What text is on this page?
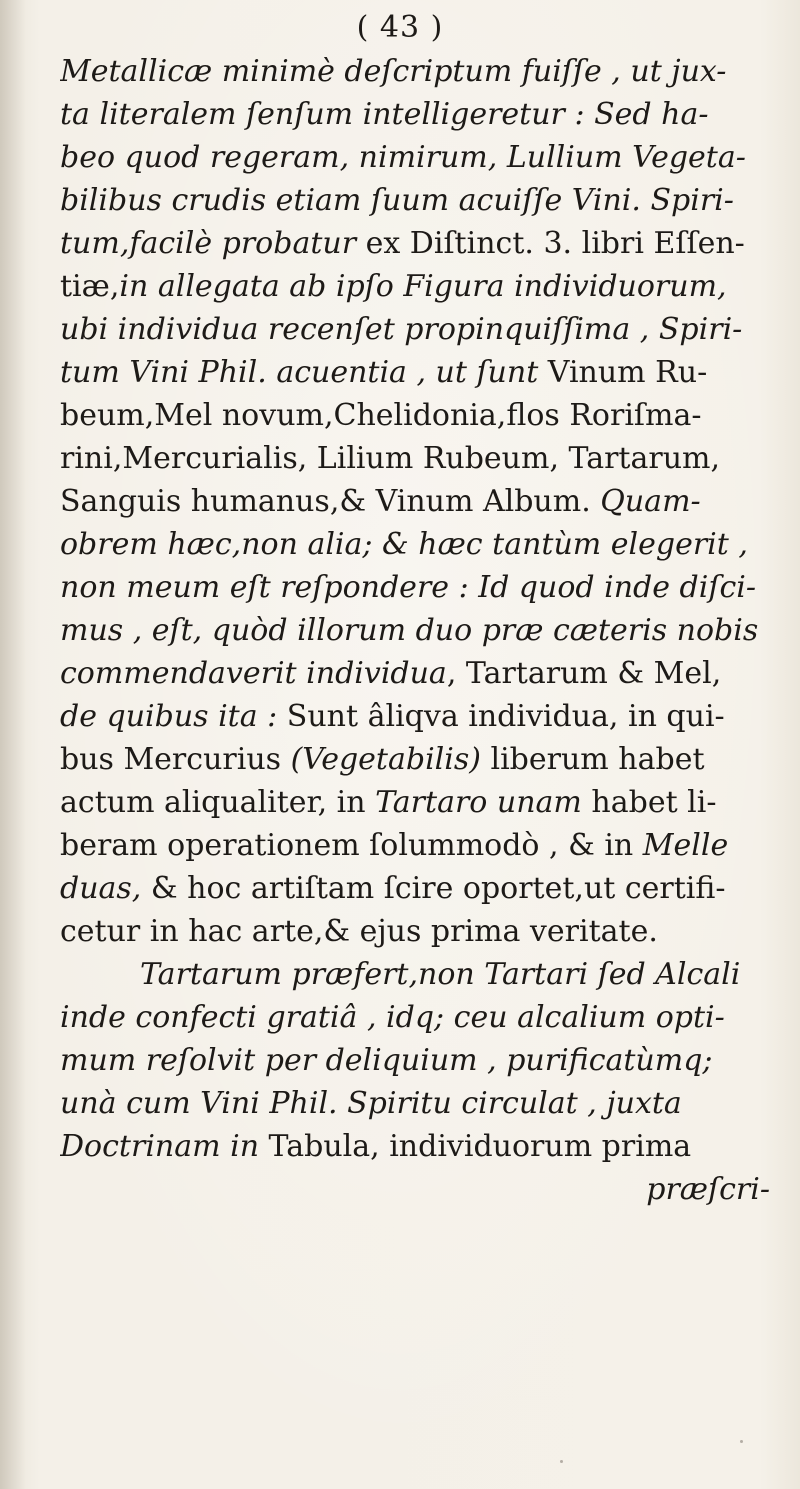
( 43 )
Metallicæ minimè deſcriptum fuiſſe , ut jux-
ta literalem ſenſum intelligeretur : Sed ha-
beo quod regeram, nimirum, Lullium Vegeta-
bilibus crudis etiam ſuum acuiſſe Vini. Spiri-
tum,facilè probatur ex Diſtinct. 3. libri Eſſen-
tiæ,in allegata ab ipſo Figura individuorum,
ubi individua recenſet propinquiſſima , Spiri-
tum Vini Phil. acuentia , ut ſunt Vinum Ru-
beum,Mel novum,Chelidonia,flos Roriſma-
rini,Mercurialis, Lilium Rubeum, Tartarum,
Sanguis humanus,& Vinum Album. Quam-
obrem hæc,non alia; & hæc tantùm elegerit ,
non meum eſt reſpondere : Id quod inde diſci-
mus , eſt, quòd illorum duo præ cæteris nobis
commendaverit individua, Tartarum & Mel,
de quibus ita : Sunt âliqva individua, in qui-
bus Mercurius (Vegetabilis) liberum habet
actum aliqualiter, in Tartaro unam habet li-
beram operationem ſolummodò , & in Melle
duas, & hoc artiſtam ſcire oportet,ut certifi-
cetur in hac arte,& ejus prima veritate.
Tartarum præfert,non Tartari ſed Alcali
inde confecti gratiâ , idq; ceu alcalium opti-
mum reſolvit per deliquium , purificatùmq;
unà cum Vini Phil. Spiritu circulat , juxta
Doctrinam in Tabula, individuorum prima
præſcri-
